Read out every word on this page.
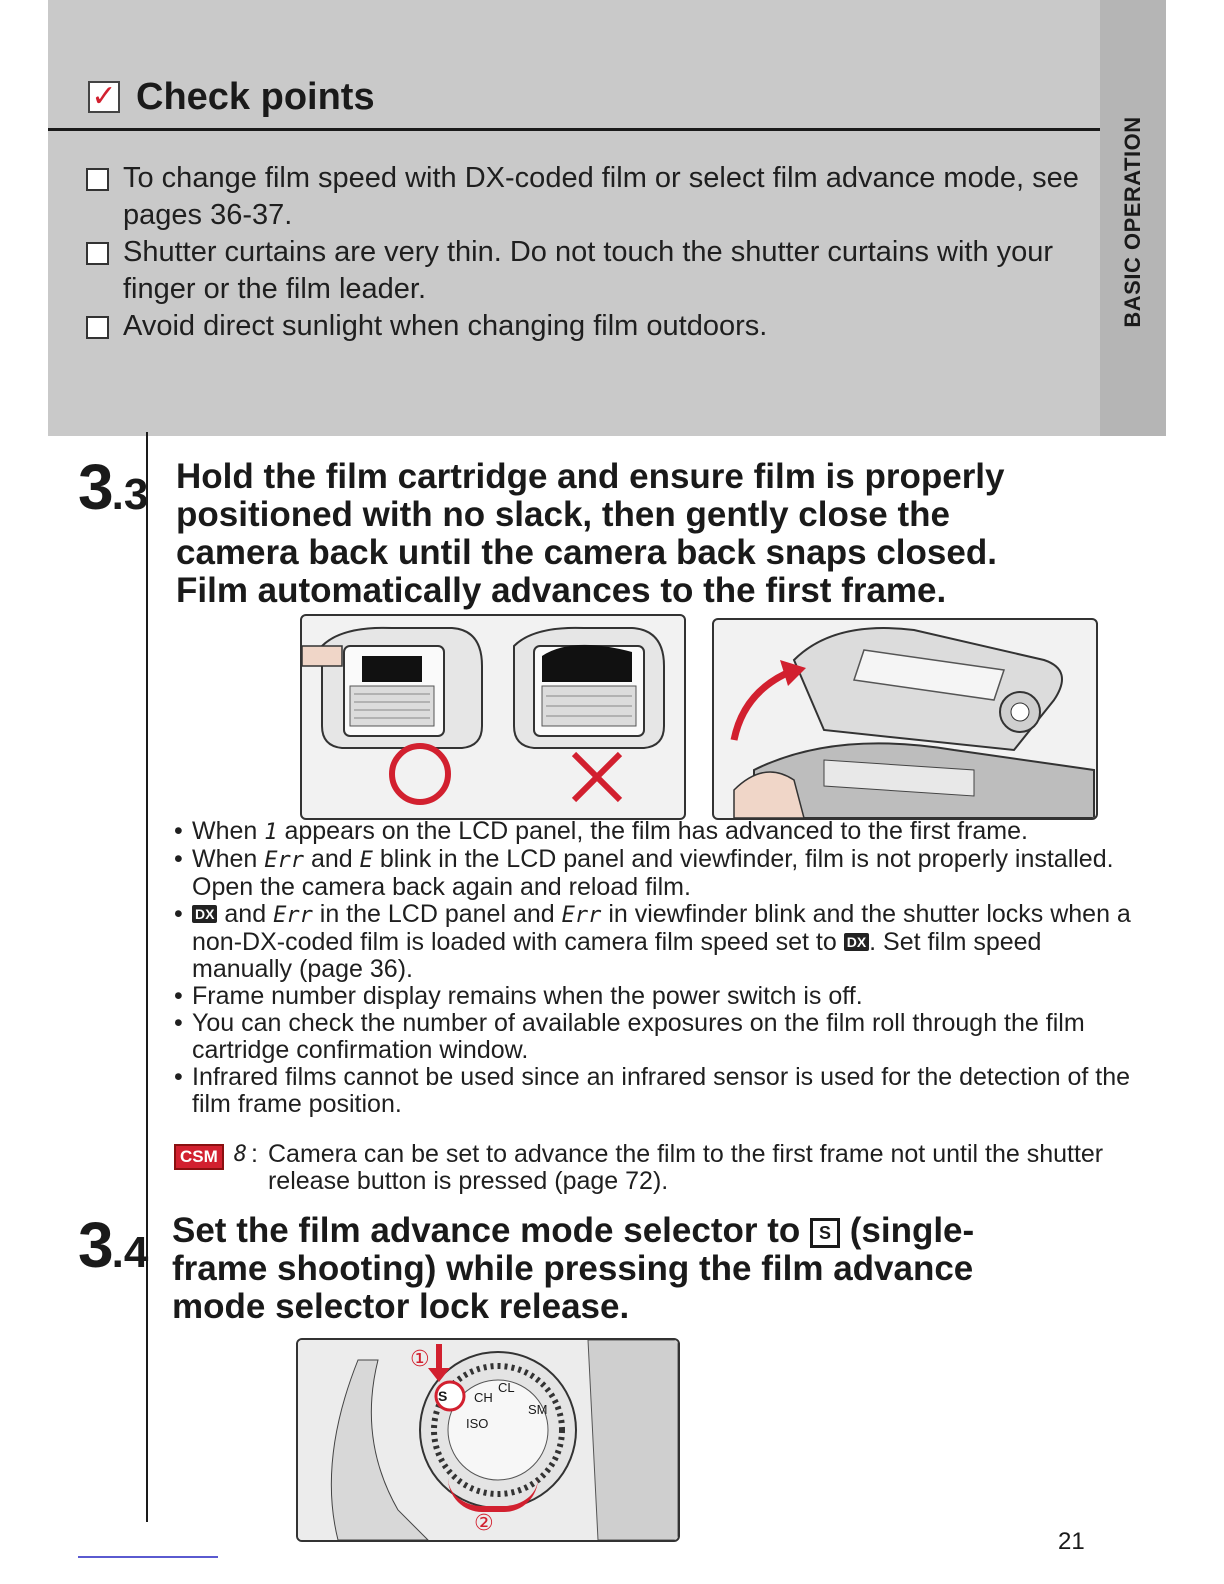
✓ Check points
To change film speed with DX-coded film or select film advance mode, see pages 36-37.
Shutter curtains are very thin. Do not touch the shutter curtains with your finger or the film leader.
Avoid direct sunlight when changing film outdoors.	BASIC OPERATION
3.3 Hold the film cartridge and ensure film is properly positioned with no slack, then gently close the camera back until the camera back snaps closed. Film automatically advances to the first frame.
• When 1 appears on the LCD panel, the film has advanced to the first frame.
• When Err and E blink in the LCD panel and viewfinder, film is not properly installed. Open the camera back again and reload film.
• DX and Err in the LCD panel and Err in viewfinder blink and the shutter locks when a non-DX-coded film is loaded with camera film speed set to DX . Set film speed manually (page 36).
• Frame number display remains when the power switch is off.
• You can check the number of available exposures on the film roll through the film cartridge confirmation window.
• Infrared films cannot be used since an infrared sensor is used for the detection of the film frame position.
CSM 8 : Camera can be set to advance the film to the first frame not until the shutter release button is pressed (page 72).
3.4 Set the film advance mode selector to S (single-frame shooting) while pressing the film advance mode selector lock release.
S CH
CL
ISO
SM
①
②
21
